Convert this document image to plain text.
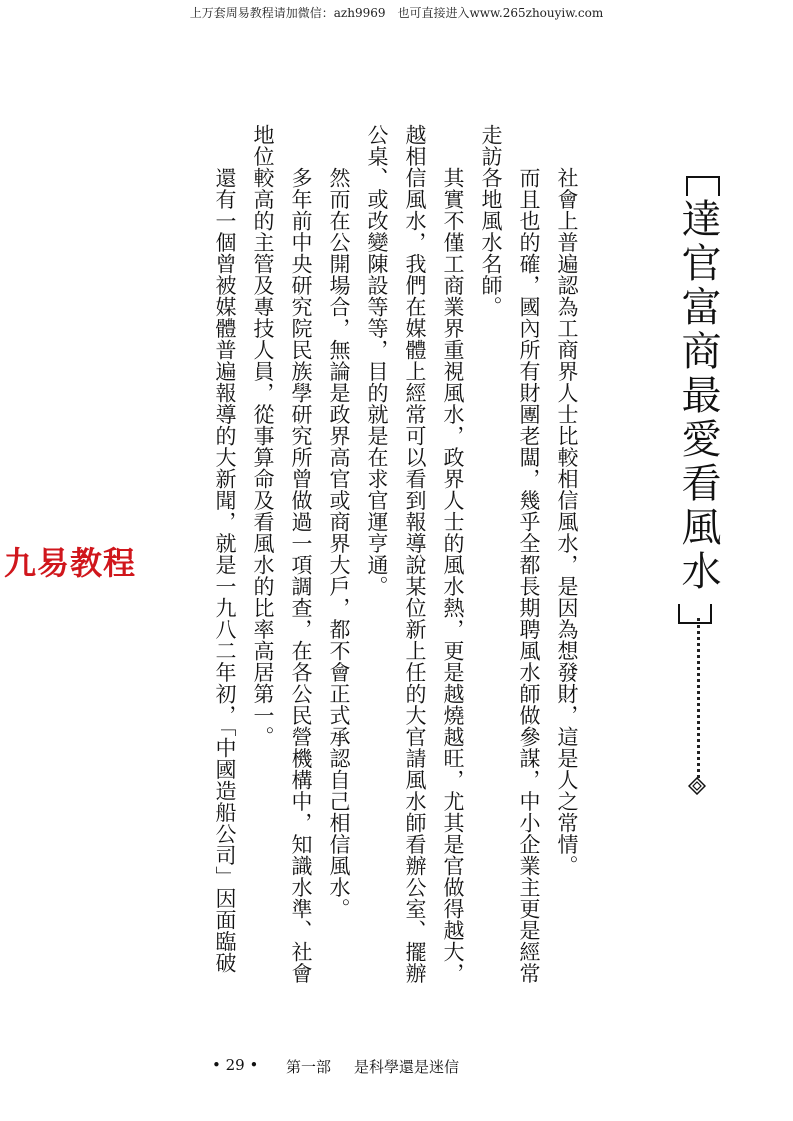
上万套周易教程请加微信：azh9969　也可直接进入www.265zhouyiw.com
達官富商最愛看風水
社會上普遍認為工商界人士比較相信風水，是因為想發財，這是人之常情。
而且也的確，國內所有財團老闆，幾乎全都長期聘風水師做參謀，中小企業主更是經常
走訪各地風水名師。
其實不僅工商業界重視風水，政界人士的風水熱，更是越燒越旺，尤其是官做得越大，
越相信風水，我們在媒體上經常可以看到報導說某位新上任的大官請風水師看辦公室、擺辦
公桌、或改變陳設等等，目的就是在求官運亨通。
然而在公開場合，無論是政界高官或商界大戶，都不會正式承認自己相信風水。
多年前中央研究院民族學研究所曾做過一項調查，在各公民營機構中，知識水準、社會
地位較高的主管及專技人員，從事算命及看風水的比率高居第一。
還有一個曾被媒體普遍報導的大新聞，就是一九八二年初，「中國造船公司」因面臨破
九易教程
• 29 • 第一部 是科學還是迷信
